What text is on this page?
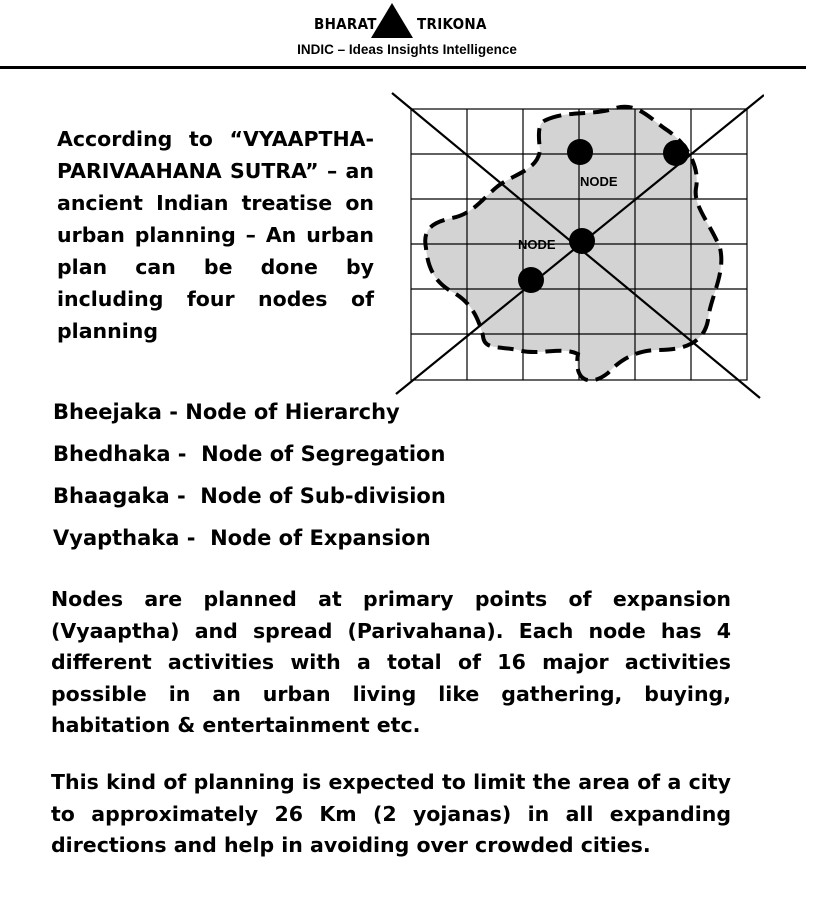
BHARAT	TRIKONA
INDIC – Ideas Insights Intelligence
According to “VYAAPTHA-PARIVAAHANA SUTRA” – an ancient Indian treatise on urban planning – An urban plan can be done by including four nodes of planning
NODE
NODE
Bheejaka - Node of Hierarchy
Bhedhaka -  Node of Segregation
Bhaagaka -  Node of Sub-division
Vyapthaka -  Node of Expansion
Nodes are planned at primary points of expansion (Vyaaptha) and spread (Parivahana). Each node has 4 different activities with a total of 16 major activities possible in an urban living like gathering, buying, habitation & entertainment etc.
This kind of planning is expected to limit the area of a city to approximately 26 Km (2 yojanas) in all expanding directions and help in avoiding over crowded cities.
